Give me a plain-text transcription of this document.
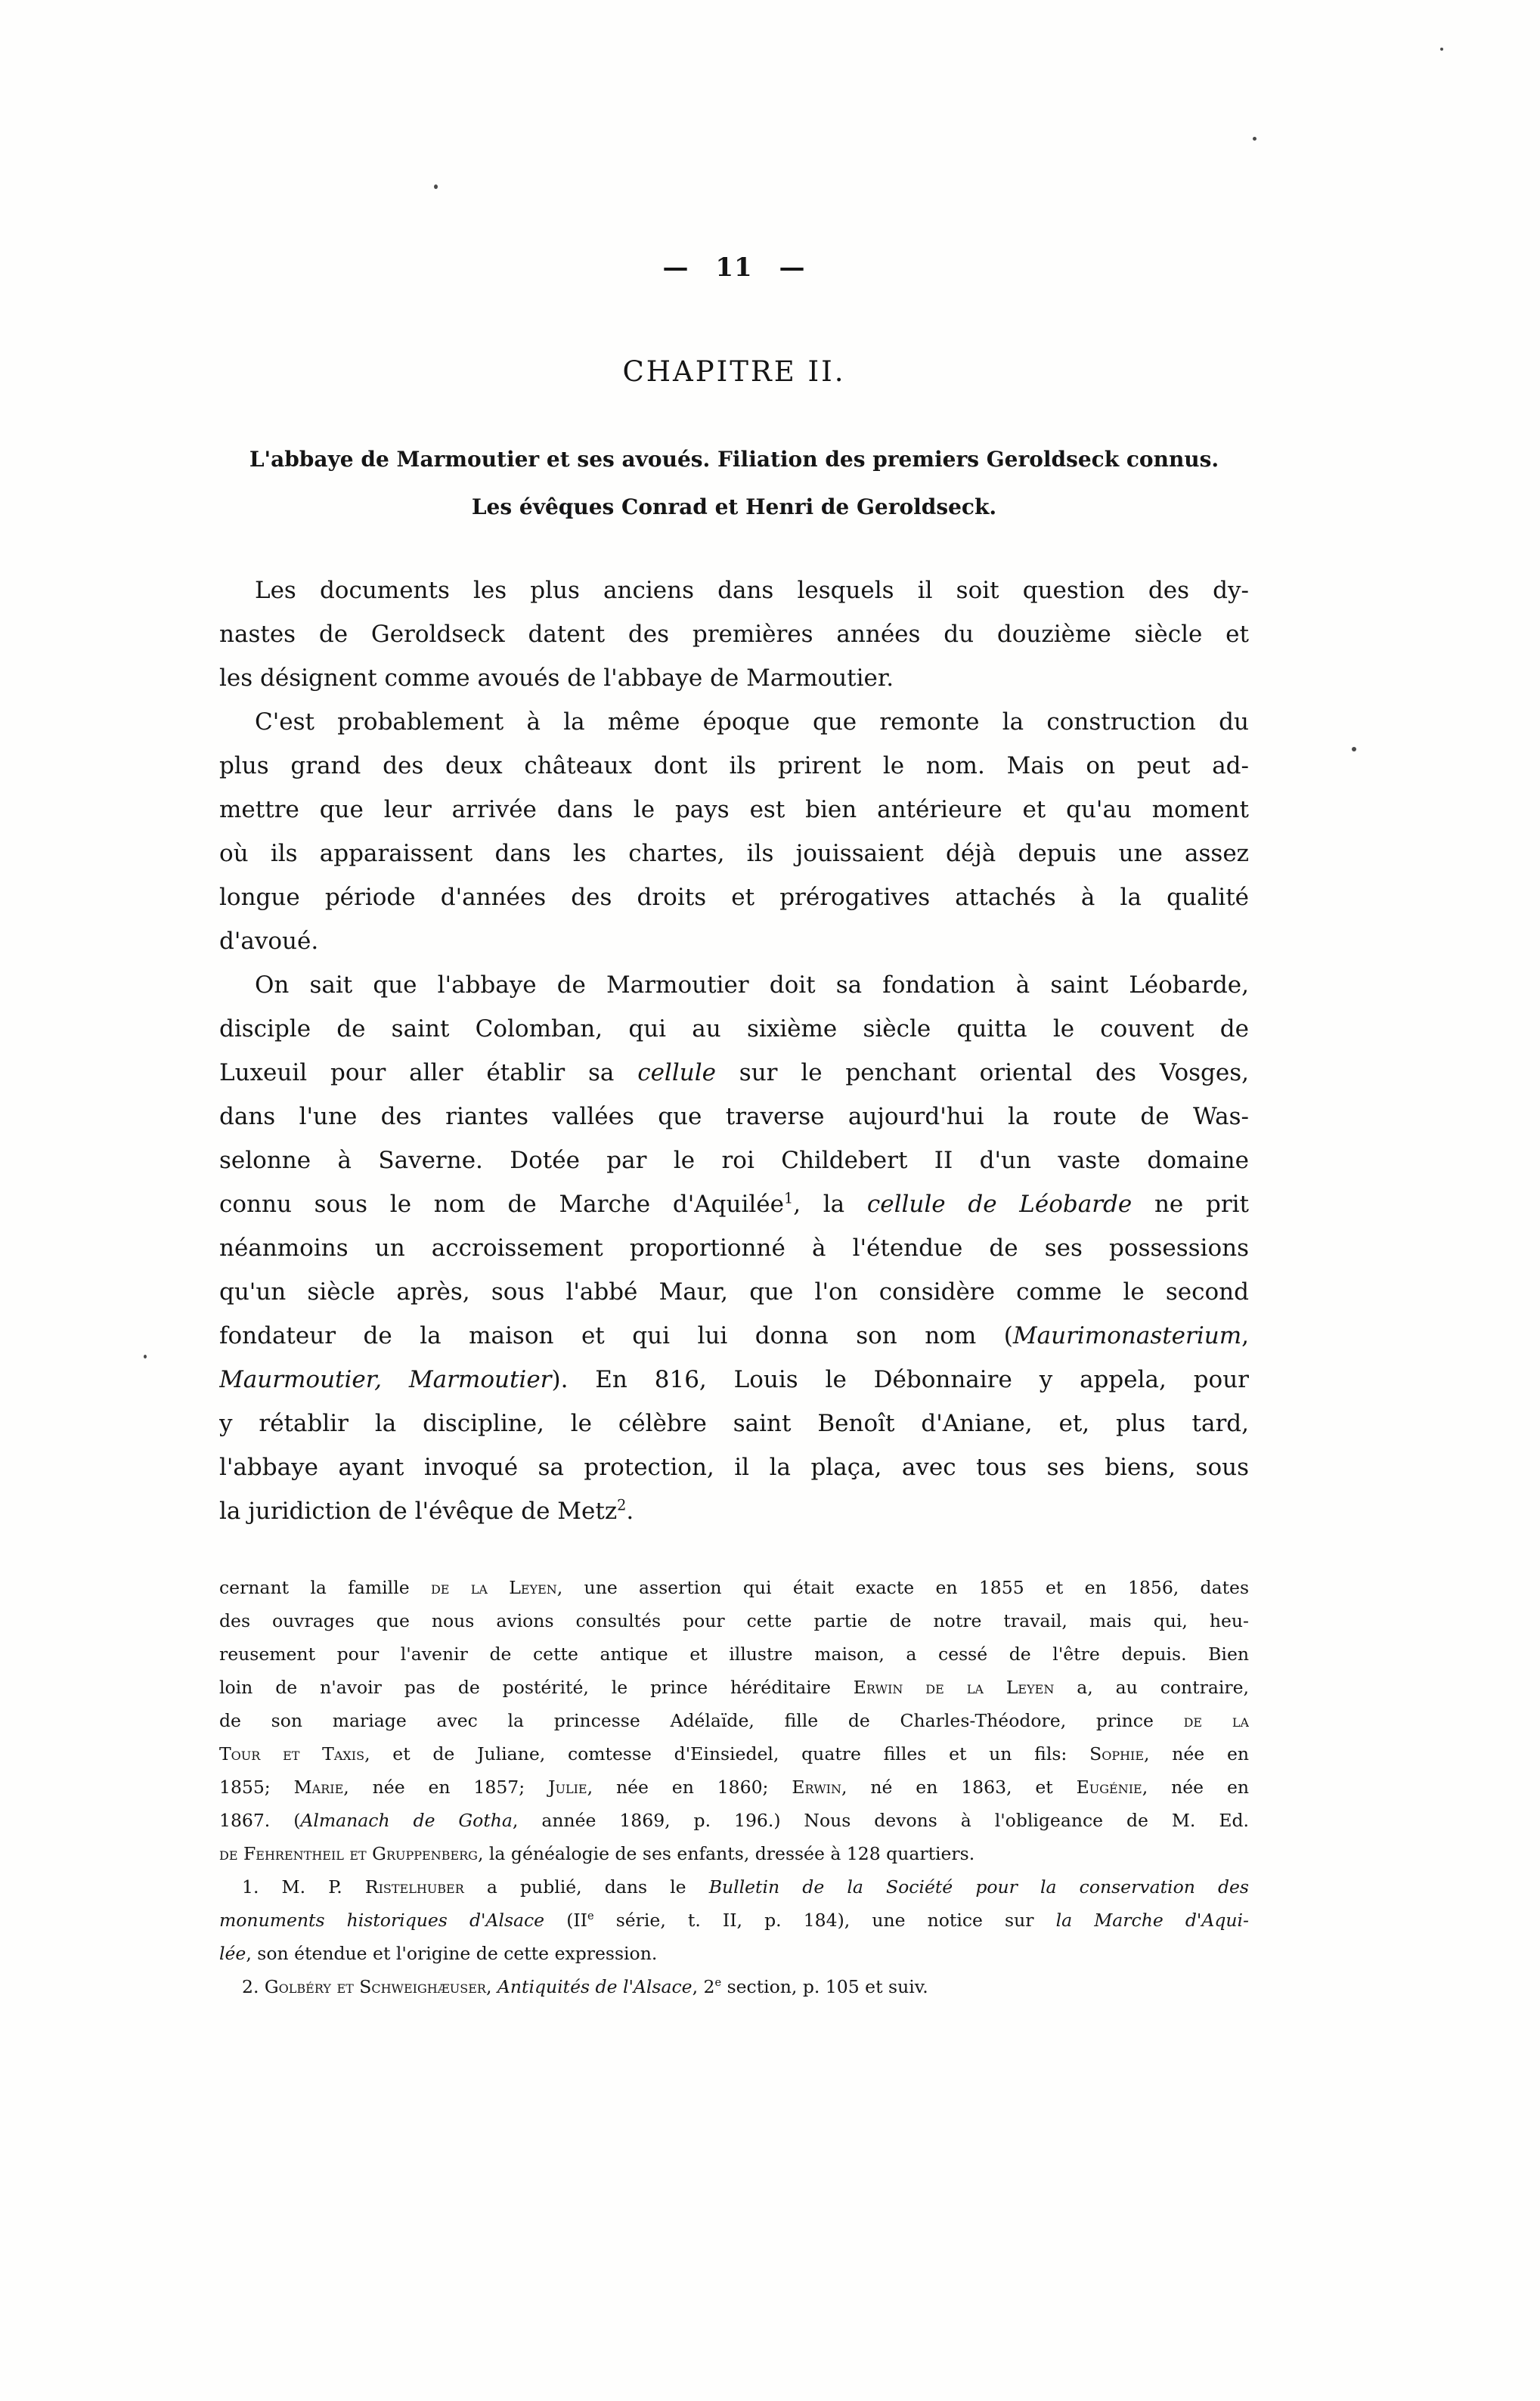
— 11 —
CHAPITRE II.
L'abbaye de Marmoutier et ses avoués. Filiation des premiers Geroldseck connus.
Les évêques Conrad et Henri de Geroldseck.
Les documents les plus anciens dans lesquels il soit question des dy-
nastes de Geroldseck datent des premières années du douzième siècle et
les désignent comme avoués de l'abbaye de Marmoutier.
C'est probablement à la même époque que remonte la construction du
plus grand des deux châteaux dont ils prirent le nom. Mais on peut ad-
mettre que leur arrivée dans le pays est bien antérieure et qu'au moment
où ils apparaissent dans les chartes, ils jouissaient déjà depuis une assez
longue période d'années des droits et prérogatives attachés à la qualité
d'avoué.
On sait que l'abbaye de Marmoutier doit sa fondation à saint Léobarde,
disciple de saint Colomban, qui au sixième siècle quitta le couvent de
Luxeuil pour aller établir sa cellule sur le penchant oriental des Vosges,
dans l'une des riantes vallées que traverse aujourd'hui la route de Was-
selonne à Saverne. Dotée par le roi Childebert II d'un vaste domaine
connu sous le nom de Marche d'Aquilée$^1$, la cellule de Léobarde ne prit
néanmoins un accroissement proportionné à l'étendue de ses possessions
qu'un siècle après, sous l'abbé Maur, que l'on considère comme le second
fondateur de la maison et qui lui donna son nom (Maurimonasterium,
Maurmoutier, Marmoutier). En 816, Louis le Débonnaire y appela, pour
y rétablir la discipline, le célèbre saint Benoît d'Aniane, et, plus tard,
l'abbaye ayant invoqué sa protection, il la plaça, avec tous ses biens, sous
la juridiction de l'évêque de Metz$^2$.
cernant la famille de la Leyen, une assertion qui était exacte en 1855 et en 1856, dates
des ouvrages que nous avions consultés pour cette partie de notre travail, mais qui, heu-
reusement pour l'avenir de cette antique et illustre maison, a cessé de l'être depuis. Bien
loin de n'avoir pas de postérité, le prince héréditaire Erwin de la Leyen a, au contraire,
de son mariage avec la princesse Adélaïde, fille de Charles-Théodore, prince de la
Tour et Taxis, et de Juliane, comtesse d'Einsiedel, quatre filles et un fils: Sophie, née en
1855; Marie, née en 1857; Julie, née en 1860; Erwin, né en 1863, et Eugénie, née en
1867. (Almanach de Gotha, année 1869, p. 196.) Nous devons à l'obligeance de M. Ed.
de Fehrentheil et Gruppenberg, la généalogie de ses enfants, dressée à 128 quartiers.
1. M. P. Ristelhuber a publié, dans le Bulletin de la Société pour la conservation des
monuments historiques d'Alsace (IIe série, t. II, p. 184), une notice sur la Marche d'Aqui-
lée, son étendue et l'origine de cette expression.
2. Golbéry et Schweighæuser, Antiquités de l'Alsace, 2e section, p. 105 et suiv.
